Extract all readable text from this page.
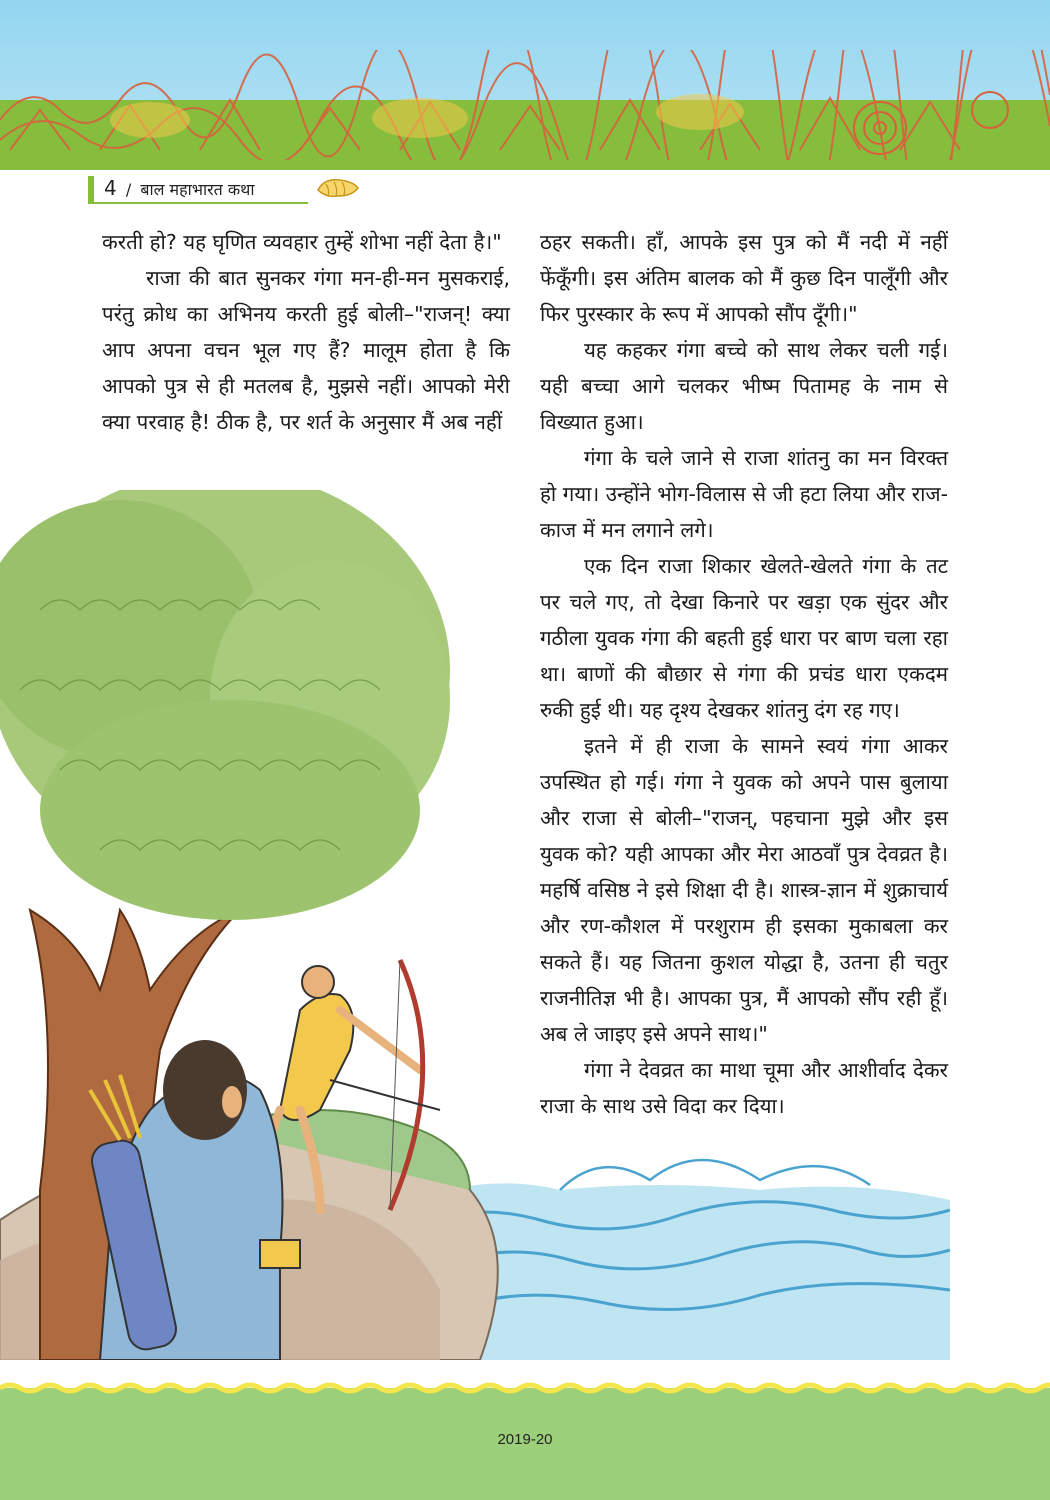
4 / बाल महाभारत कथा

करती हो? यह घृणित व्यवहार तुम्हें शोभा नहीं देता है।"

राजा की बात सुनकर गंगा मन-ही-मन मुसकराई, परंतु क्रोध का अभिनय करती हुई बोली–"राजन्! क्या आप अपना वचन भूल गए हैं? मालूम होता है कि आपको पुत्र से ही मतलब है, मुझसे नहीं। आपको मेरी क्या परवाह है! ठीक है, पर शर्त के अनुसार मैं अब नहीं

ठहर सकती। हाँ, आपके इस पुत्र को मैं नदी में नहीं फेंकूँगी। इस अंतिम बालक को मैं कुछ दिन पालूँगी और फिर पुरस्कार के रूप में आपको सौंप दूँगी।"

यह कहकर गंगा बच्चे को साथ लेकर चली गई। यही बच्चा आगे चलकर भीष्म पितामह के नाम से विख्यात हुआ।

गंगा के चले जाने से राजा शांतनु का मन विरक्त हो गया। उन्होंने भोग-विलास से जी हटा लिया और राज-काज में मन लगाने लगे।

एक दिन राजा शिकार खेलते-खेलते गंगा के तट पर चले गए, तो देखा किनारे पर खड़ा एक सुंदर और गठीला युवक गंगा की बहती हुई धारा पर बाण चला रहा था। बाणों की बौछार से गंगा की प्रचंड धारा एकदम रुकी हुई थी। यह दृश्य देखकर शांतनु दंग रह गए।

इतने में ही राजा के सामने स्वयं गंगा आकर उपस्थित हो गई। गंगा ने युवक को अपने पास बुलाया और राजा से बोली–"राजन्, पहचाना मुझे और इस युवक को? यही आपका और मेरा आठवाँ पुत्र देवव्रत है। महर्षि वसिष्ठ ने इसे शिक्षा दी है। शास्त्र-ज्ञान में शुक्राचार्य और रण-कौशल में परशुराम ही इसका मुकाबला कर सकते हैं। यह जितना कुशल योद्धा है, उतना ही चतुर राजनीतिज्ञ भी है। आपका पुत्र, मैं आपको सौंप रही हूँ। अब ले जाइए इसे अपने साथ।"

गंगा ने देवव्रत का माथा चूमा और आशीर्वाद देकर राजा के साथ उसे विदा कर दिया।

2019-20
